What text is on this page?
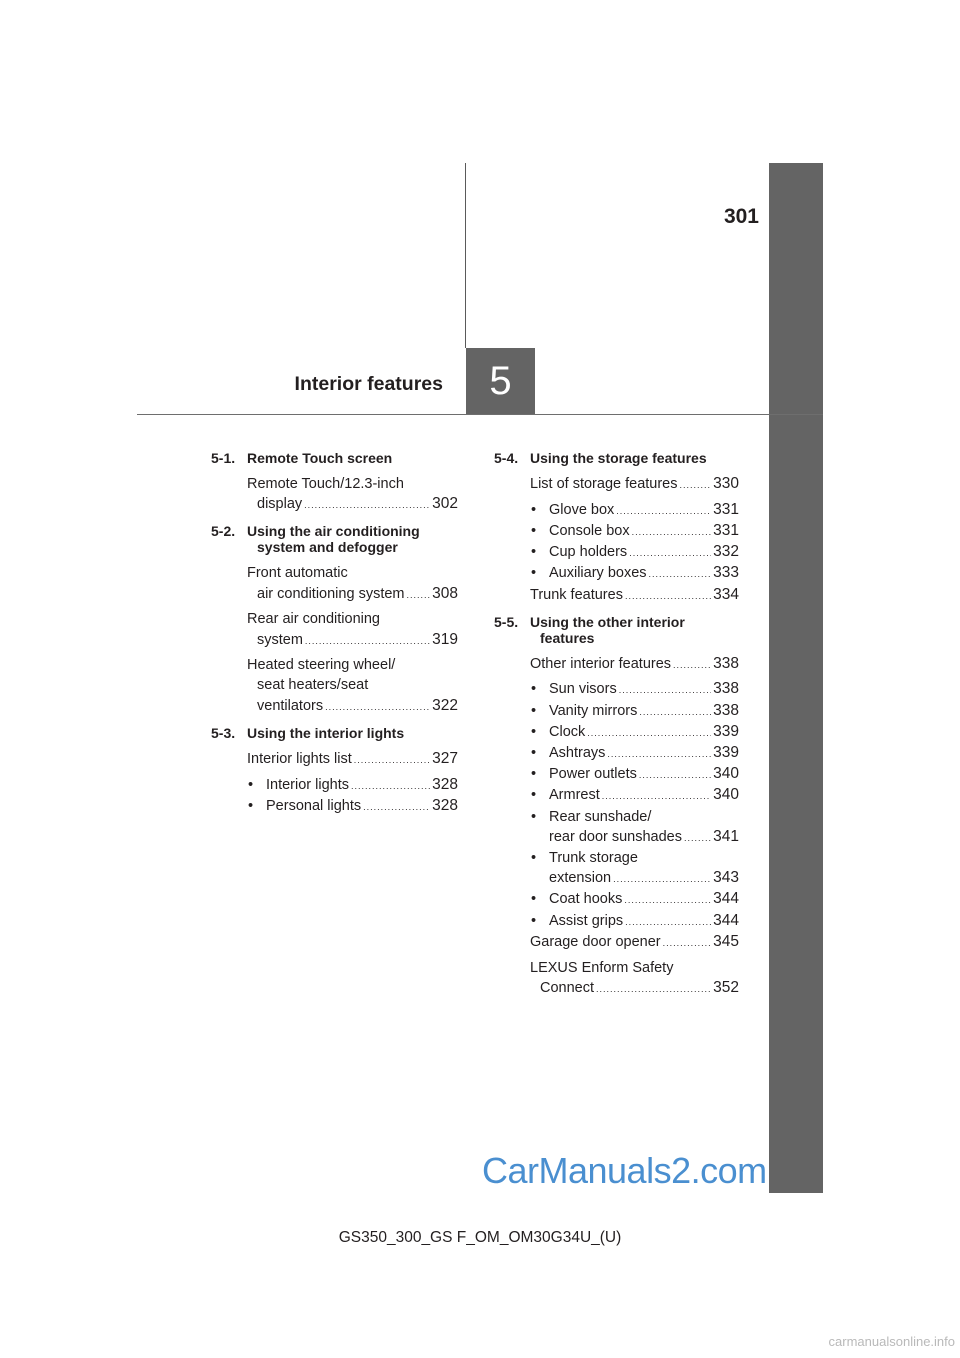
301
Interior features 5
5-1. Remote Touch screen
Remote Touch/12.3-inch
display .....	302
5-2. Using the air conditioning
system and defogger
Front automatic
air conditioning system ..... 308
Rear air conditioning
system .....	319
Heated steering wheel/
seat heaters/seat
ventilators .....	322
5-3. Using the interior lights
Interior lights list .....	327
• Interior lights .....	328
• Personal lights .....	328
5-4. Using the storage features
List of storage features ..... 330
• Glove box .....	331
• Console box .....	331
• Cup holders .....	332
• Auxiliary boxes .....	333
Trunk features .....	334
5-5. Using the other interior
features
Other interior features .....	338
• Sun visors .....	338
• Vanity mirrors .....	338
• Clock .....	339
• Ashtrays .....	339
• Power outlets .....	340
• Armrest .....	340
• Rear sunshade/
rear door sunshades ..... 341
• Trunk storage
extension .....	343
• Coat hooks .....	344
• Assist grips .....	344
Garage door opener .....	345
LEXUS Enform Safety
Connect .....	352
CarManuals2.com
GS350_300_GS F_OM_OM30G34U_(U)
carmanualsonline.info
